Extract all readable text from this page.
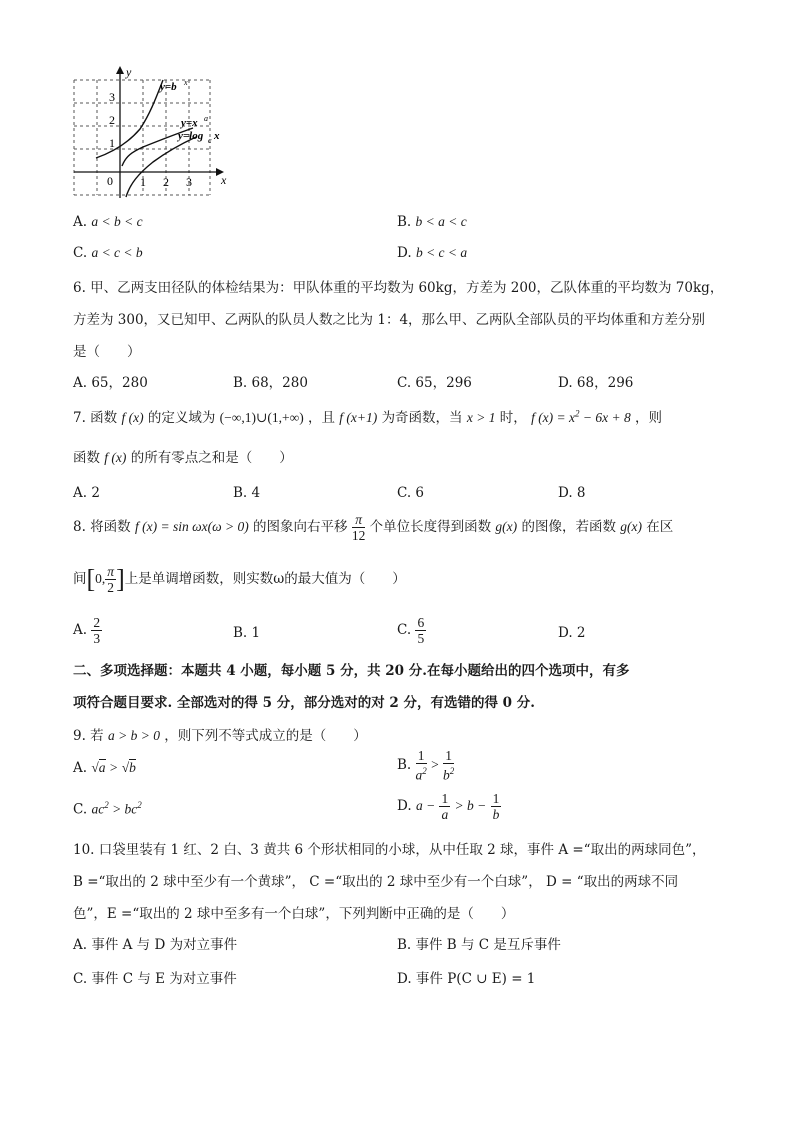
y
x
0
3
2
1
1 2 3
y=b x
y=x a
y=log c x
A. a < b < c	B. b < a < c
C. a < c < b	D. b < c < a
6. 甲、乙两支田径队的体检结果为：甲队体重的平均数为 60kg，方差为 200，乙队体重的平均数为 70kg，
方差为 300，又已知甲、乙两队的队员人数之比为 1：4，那么甲、乙两队全部队员的平均体重和方差分别
是（　　）
A. 65，280	B. 68，280	C. 65，296	D. 68，296
7. 函数 f (x) 的定义域为 (−∞,1)∪(1,+∞) ，且 f (x+1) 为奇函数，当 x > 1 时， f $(x) = x^2 - 6x + 8$ ，则
函数 f (x) 的所有零点之和是（　　）
A. 2	B. 4	C. 6	D. 8
8. 将函数 f (x) = sin ωx(ω > 0) 的图象向右平移 $\frac{\pi}{12}$ 个单位长度得到函数 g(x) 的图像，若函数 g(x) 在区
间[0, $\frac{\pi}{2}$ ]上是单调增函数，则实数ω的最大值为（　　）
A. $\frac{2}{3}$	B. 1	C. $\frac{6}{5}$	D. 2
二、多项选择题：本题共 4 小题，每小题 5 分，共 20 分.在每小题给出的四个选项中，有多
项符合题目要求. 全部选对的得 5 分，部分选对的对 2 分，有选错的得 0 分.
9. 若 a > b > 0 ，则下列不等式成立的是（　　）
A. √a > √b	B. $\frac{1}{a^2} > \frac{1}{b^2}$
C. $ac^2 > bc^2$	D. $a - \frac{1}{a} > b - \frac{1}{b}$
10. 口袋里装有 1 红、2 白、3 黄共 6 个形状相同的小球，从中任取 2 球，事件 A =“取出的两球同色”，
B =“取出的 2 球中至少有一个黄球”， C =“取出的 2 球中至少有一个白球”， D = “取出的两球不同
色”，E =“取出的 2 球中至多有一个白球”，下列判断中正确的是（　　）
A. 事件 A 与 D 为对立事件	B. 事件 B 与 C 是互斥事件
C. 事件 C 与 E 为对立事件	D. 事件 P(C ∪ E) = 1
